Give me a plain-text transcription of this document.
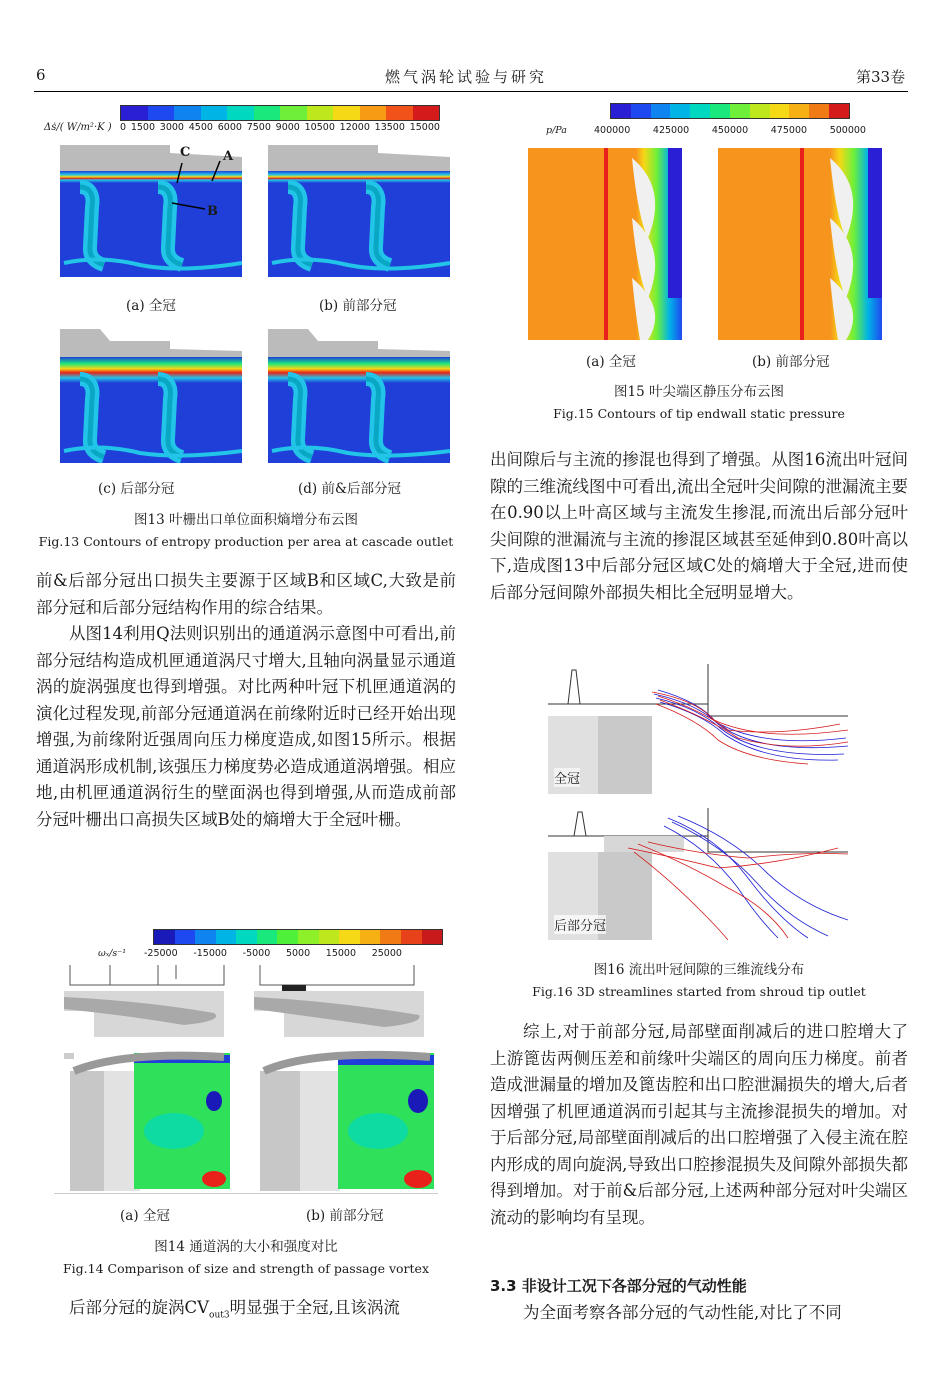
6	燃气涡轮试验与研究	第33卷
Δṡ/( W/m²·K ) 0 1500 3000 4500 6000 7500 9000 10500 12000 13500 15000
C	A
B
(a) 全冠	(b) 前部分冠
(c) 后部分冠	(d) 前&后部分冠
图13 叶栅出口单位面积熵增分布云图
Fig.13 Contours of entropy production per area at cascade outlet

前&后部分冠出口损失主要源于区域B和区域C,大致是前部分冠和后部分冠结构作用的综合结果。

从图14利用Q法则识别出的通道涡示意图中可看出,前部分冠结构造成机匣通道涡尺寸增大,且轴向涡量显示通道涡的旋涡强度也得到增强。对比两种叶冠下机匣通道涡的演化过程发现,前部分冠通道涡在前缘附近时已经开始出现增强,为前缘附近强周向压力梯度造成,如图15所示。根据通道涡形成机制,该强压力梯度势必造成通道涡增强。相应地,由机匣通道涡衍生的壁面涡也得到增强,从而造成前部分冠叶栅出口高损失区域B处的熵增大于全冠叶栅。

ωₓ/s⁻¹ -25000 -15000 -5000 5000 15000 25000
(a) 全冠	(b) 前部分冠
图14 通道涡的大小和强度对比
Fig.14 Comparison of size and strength of passage vortex
后部分冠的旋涡$CV_{out3}$明显强于全冠,且该涡流
p/Pa	400000 425000 450000 475000 500000
(a) 全冠	(b) 前部分冠
图15 叶尖端区静压分布云图
Fig.15 Contours of tip endwall static pressure
出间隙后与主流的掺混也得到了增强。从图16流出叶冠间隙的三维流线图中可看出,流出全冠叶尖间隙的泄漏流主要在0.90以上叶高区域与主流发生掺混,而流出后部分冠叶尖间隙的泄漏流与主流的掺混区域甚至延伸到0.80叶高以下,造成图13中后部分冠区域C处的熵增大于全冠,进而使后部分冠间隙外部损失相比全冠明显增大。
全冠
后部分冠
图16 流出叶冠间隙的三维流线分布
Fig.16 3D streamlines started from shroud tip outlet
综上,对于前部分冠,局部壁面削减后的进口腔增大了上游篦齿两侧压差和前缘叶尖端区的周向压力梯度。前者造成泄漏量的增加及篦齿腔和出口腔泄漏损失的增大,后者因增强了机匣通道涡而引起其与主流掺混损失的增加。对于后部分冠,局部壁面削减后的出口腔增强了入侵主流在腔内形成的周向旋涡,导致出口腔掺混损失及间隙外部损失都得到增加。对于前&后部分冠,上述两种部分冠对叶尖端区流动的影响均有呈现。
3.3 非设计工况下各部分冠的气动性能
为全面考察各部分冠的气动性能,对比了不同
